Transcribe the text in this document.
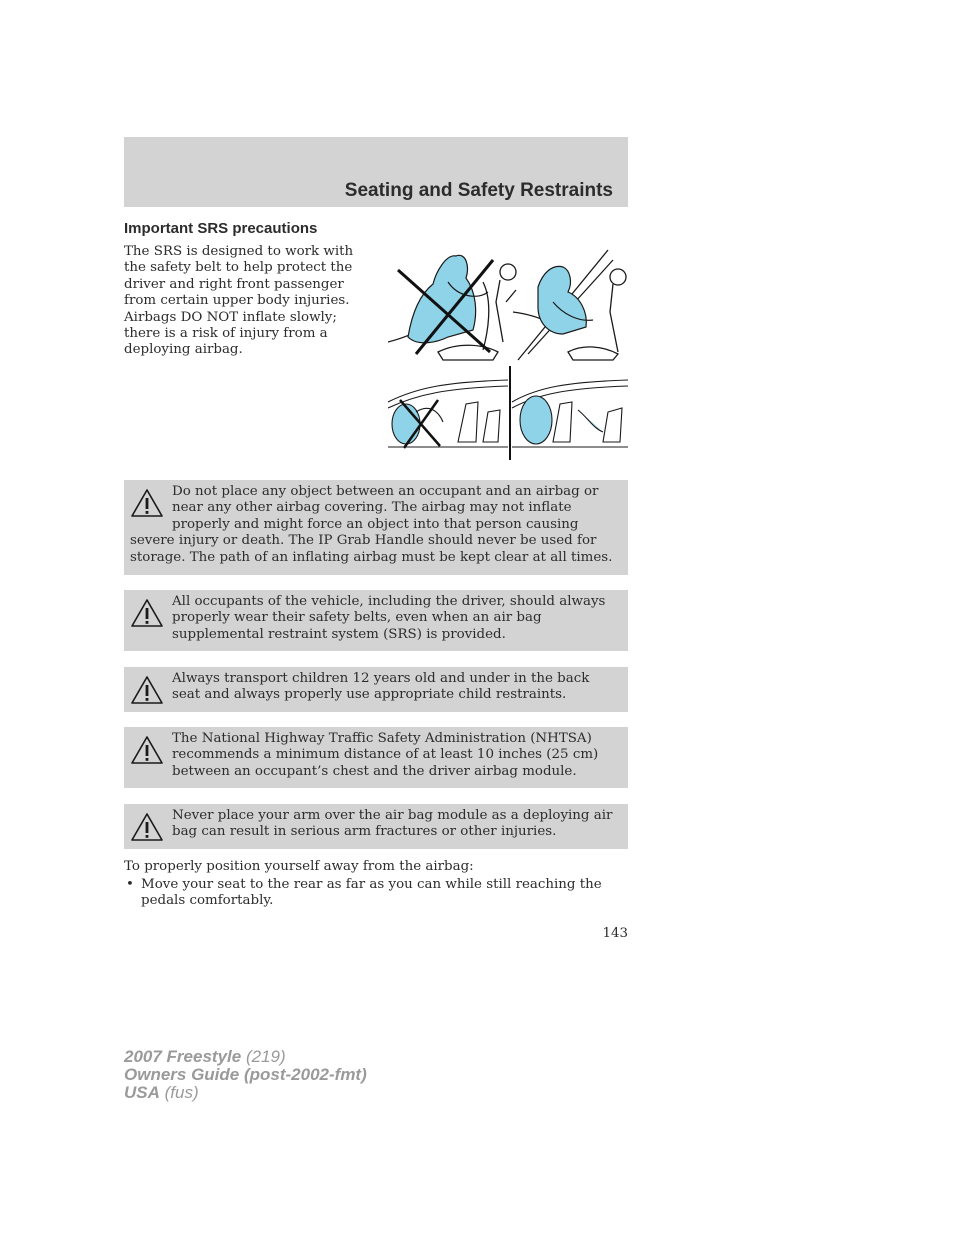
Seating and Safety Restraints
Important SRS precautions

The SRS is designed to work with the safety belt to help protect the driver and right front passenger from certain upper body injuries. Airbags DO NOT inflate slowly; there is a risk of injury from a deploying airbag.

Do not place any object between an occupant and an airbag or near any other airbag covering. The airbag may not inflate properly and might force an object into that person causing severe injury or death. The IP Grab Handle should never be used for storage. The path of an inflating airbag must be kept clear at all times.

All occupants of the vehicle, including the driver, should always properly wear their safety belts, even when an air bag supplemental restraint system (SRS) is provided.

Always transport children 12 years old and under in the back seat and always properly use appropriate child restraints.

The National Highway Traffic Safety Administration (NHTSA) recommends a minimum distance of at least 10 inches (25 cm) between an occupant’s chest and the driver airbag module.

Never place your arm over the air bag module as a deploying air bag can result in serious arm fractures or other injuries.

To properly position yourself away from the airbag:

• Move your seat to the rear as far as you can while still reaching the pedals comfortably.
143
2007 Freestyle (219)
Owners Guide (post-2002-fmt)
USA (fus)
